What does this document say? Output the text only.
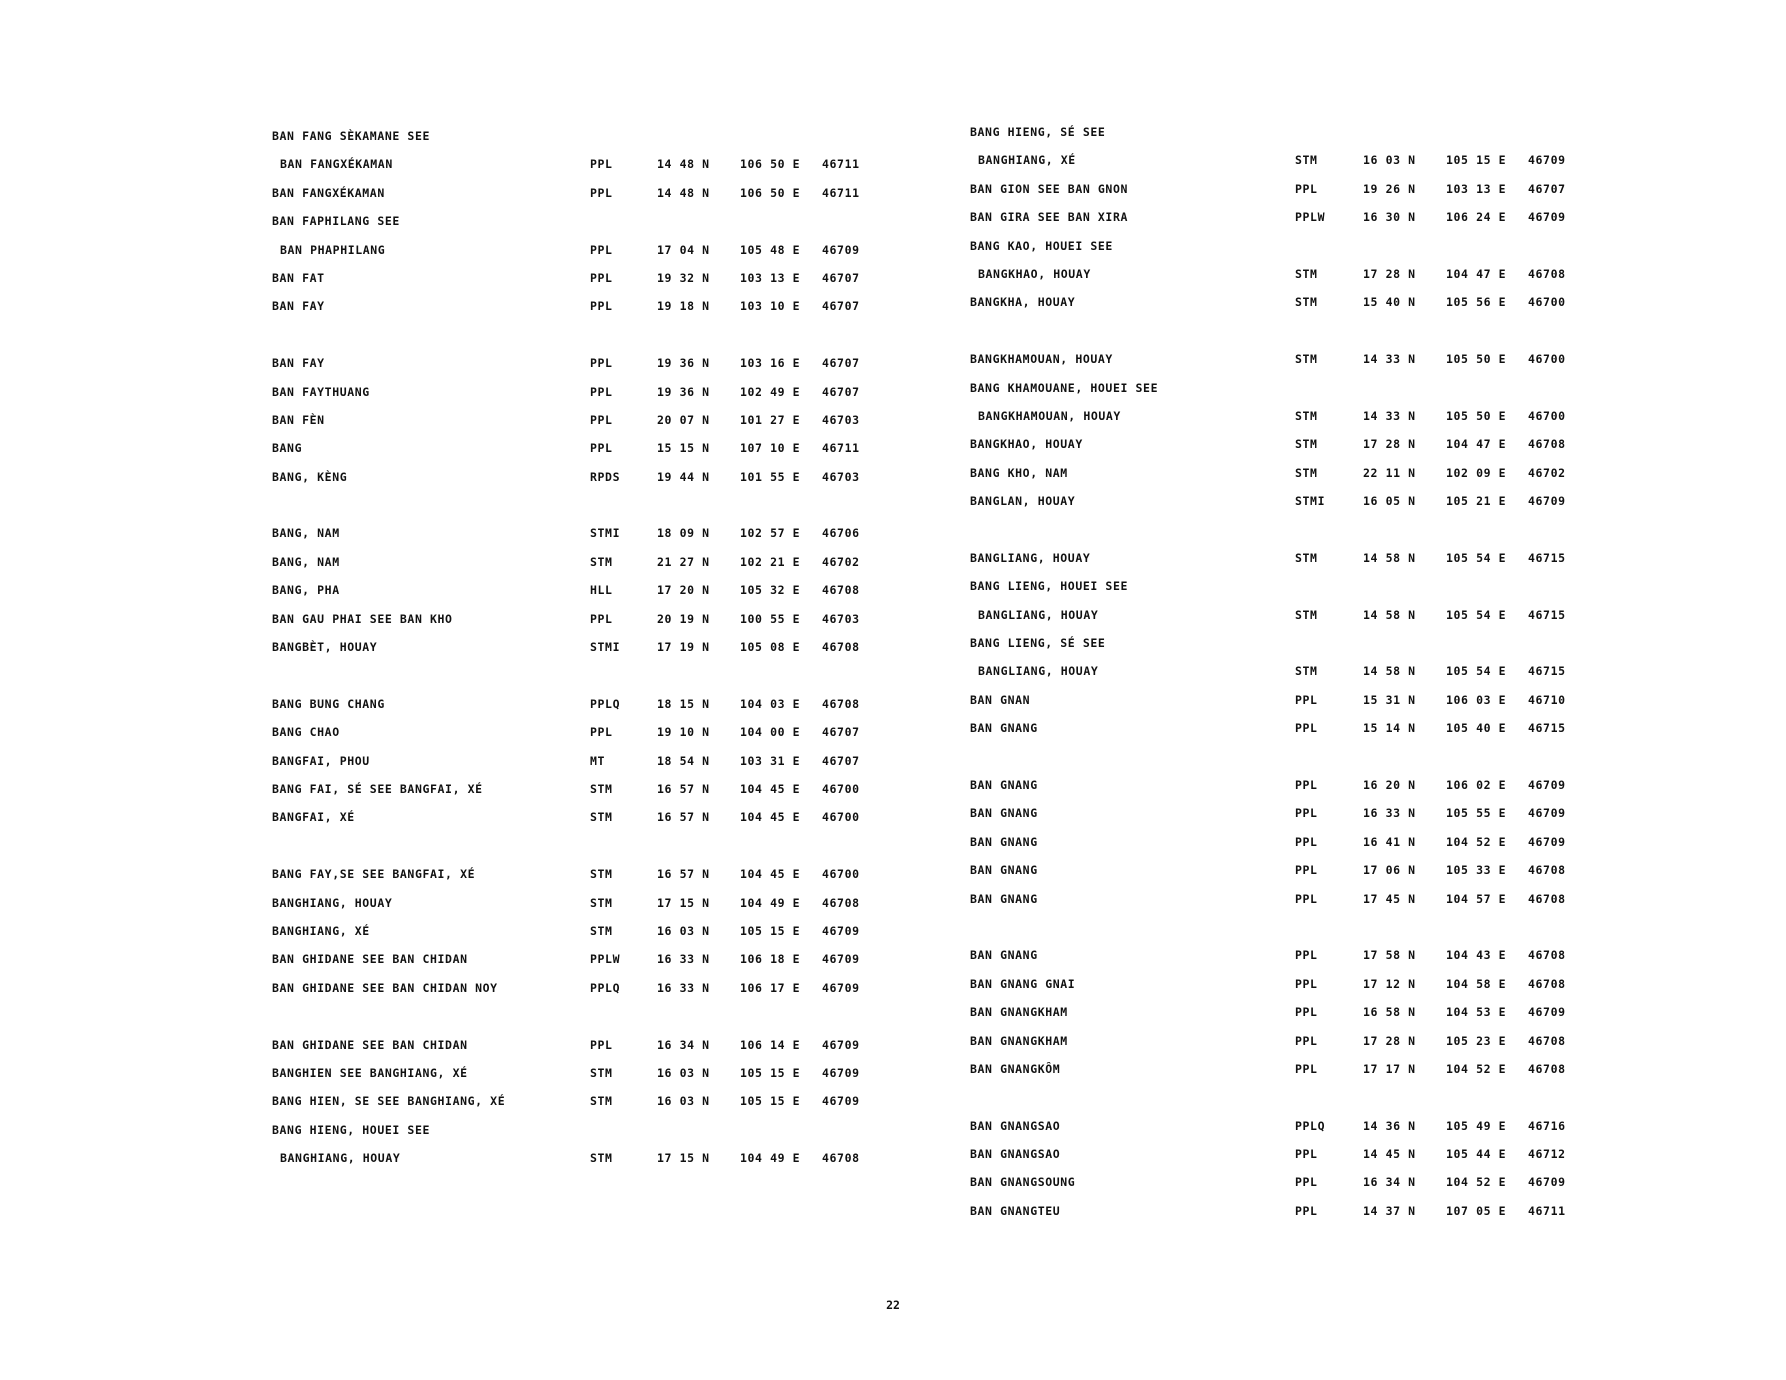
BAN FANG SÈKAMANE SEE
BAN FANGXÉKAMAN	PPL	14 48 N	106 50 E 46711
BAN FANGXÉKAMAN	PPL	14 48 N	106 50 E 46711
BAN FAPHILANG SEE
BAN PHAPHILANG	PPL	17 04 N	105 48 E 46709
BAN FAT	PPL	19 32 N	103 13 E 46707
BAN FAY	PPL	19 18 N	103 10 E 46707
BAN FAY	PPL	19 36 N	103 16 E 46707
BAN FAYTHUANG	PPL	19 36 N	102 49 E 46707
BAN FÈN	PPL	20 07 N	101 27 E 46703
BANG	PPL	15 15 N	107 10 E 46711
BANG, KÈNG	RPDS	19 44 N	101 55 E 46703
BANG, NAM	STMI	18 09 N	102 57 E 46706
BANG, NAM	STM	21 27 N	102 21 E 46702
BANG, PHA	HLL	17 20 N	105 32 E 46708
BAN GAU PHAI SEE BAN KHO	PPL	20 19 N	100 55 E 46703
BANGBÈT, HOUAY	STMI	17 19 N	105 08 E 46708
BANG BUNG CHANG	PPLQ	18 15 N	104 03 E 46708
BANG CHAO	PPL	19 10 N	104 00 E 46707
BANGFAI, PHOU	MT	18 54 N	103 31 E 46707
BANG FAI, SÉ SEE BANGFAI, XÉ	STM	16 57 N	104 45 E 46700
BANGFAI, XÉ	STM	16 57 N	104 45 E 46700
BANG FAY,SE SEE BANGFAI, XÉ	STM	16 57 N	104 45 E 46700
BANGHIANG, HOUAY	STM	17 15 N	104 49 E 46708
BANGHIANG, XÉ	STM	16 03 N	105 15 E 46709
BAN GHIDANE SEE BAN CHIDAN	PPLW	16 33 N	106 18 E 46709
BAN GHIDANE SEE BAN CHIDAN NOY	PPLQ	16 33 N	106 17 E 46709
BAN GHIDANE SEE BAN CHIDAN	PPL	16 34 N	106 14 E 46709
BANGHIEN SEE BANGHIANG, XÉ	STM	16 03 N	105 15 E 46709
BANG HIEN, SE SEE BANGHIANG, XÉ	STM	16 03 N	105 15 E 46709
BANG HIENG, HOUEI SEE
BANGHIANG, HOUAY	STM	17 15 N	104 49 E 46708
BANG HIENG, SÉ SEE
BANGHIANG, XÉ	STM	16 03 N	105 15 E 46709
BAN GION SEE BAN GNON	PPL	19 26 N	103 13 E 46707
BAN GIRA SEE BAN XIRA	PPLW	16 30 N	106 24 E 46709
BANG KAO, HOUEI SEE
BANGKHAO, HOUAY	STM	17 28 N	104 47 E 46708
BANGKHA, HOUAY	STM	15 40 N	105 56 E 46700
BANGKHAMOUAN, HOUAY	STM	14 33 N	105 50 E 46700
BANG KHAMOUANE, HOUEI SEE
BANGKHAMOUAN, HOUAY	STM	14 33 N	105 50 E 46700
BANGKHAO, HOUAY	STM	17 28 N	104 47 E 46708
BANG KHO, NAM	STM	22 11 N	102 09 E 46702
BANGLAN, HOUAY	STMI	16 05 N	105 21 E 46709
BANGLIANG, HOUAY	STM	14 58 N	105 54 E 46715
BANG LIENG, HOUEI SEE
BANGLIANG, HOUAY	STM	14 58 N	105 54 E 46715
BANG LIENG, SÉ SEE
BANGLIANG, HOUAY	STM	14 58 N	105 54 E 46715
BAN GNAN	PPL	15 31 N	106 03 E 46710
BAN GNANG	PPL	15 14 N	105 40 E 46715
BAN GNANG	PPL	16 20 N	106 02 E 46709
BAN GNANG	PPL	16 33 N	105 55 E 46709
BAN GNANG	PPL	16 41 N	104 52 E 46709
BAN GNANG	PPL	17 06 N	105 33 E 46708
BAN GNANG	PPL	17 45 N	104 57 E 46708
BAN GNANG	PPL	17 58 N	104 43 E 46708
BAN GNANG GNAI	PPL	17 12 N	104 58 E 46708
BAN GNANGKHAM	PPL	16 58 N	104 53 E 46709
BAN GNANGKHAM	PPL	17 28 N	105 23 E 46708
BAN GNANGKÔM	PPL	17 17 N	104 52 E 46708
BAN GNANGSAO	PPLQ	14 36 N	105 49 E 46716
BAN GNANGSAO	PPL	14 45 N	105 44 E 46712
BAN GNANGSOUNG	PPL	16 34 N	104 52 E 46709
BAN GNANGTEU	PPL	14 37 N	107 05 E 46711
22
